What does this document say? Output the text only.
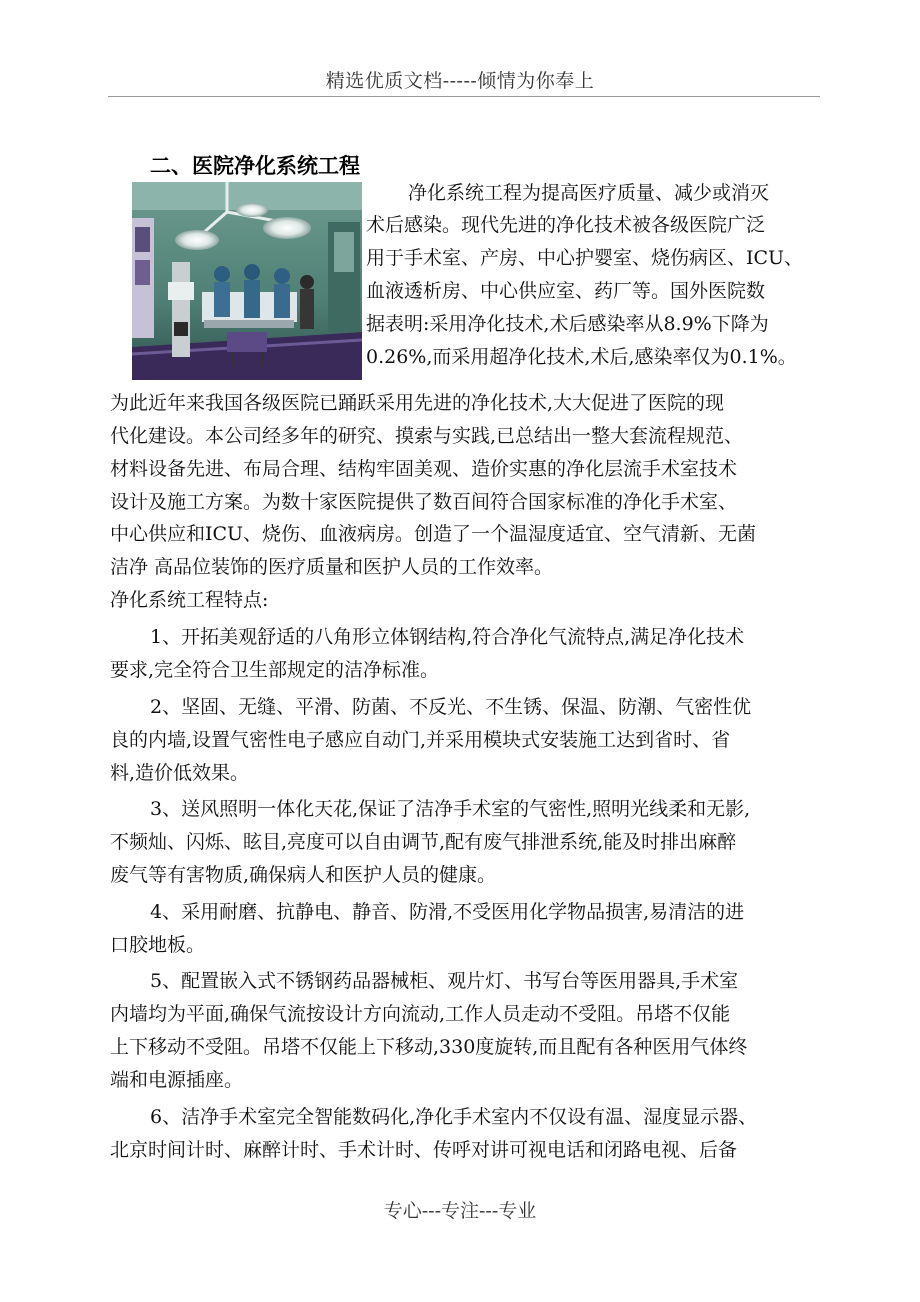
精选优质文档-----倾情为你奉上
二、医院净化系统工程
净化系统工程为提高医疗质量、减少或消灭
术后感染。现代先进的净化技术被各级医院广泛
用于手术室、产房、中心护婴室、烧伤病区、ICU、
血液透析房、中心供应室、药厂等。国外医院数
据表明:采用净化技术,术后感染率从8.9%下降为
0.26%,而采用超净化技术,术后,感染率仅为0.1%。
为此近年来我国各级医院已踊跃采用先进的净化技术,大大促进了医院的现
代化建设。本公司经多年的研究、摸索与实践,已总结出一整大套流程规范、
材料设备先进、布局合理、结构牢固美观、造价实惠的净化层流手术室技术
设计及施工方案。为数十家医院提供了数百间符合国家标准的净化手术室、
中心供应和ICU、烧伤、血液病房。创造了一个温湿度适宜、空气清新、无菌
洁净 高品位装饰的医疗质量和医护人员的工作效率。
净化系统工程特点:
1、开拓美观舒适的八角形立体钢结构,符合净化气流特点,满足净化技术
要求,完全符合卫生部规定的洁净标准。
2、坚固、无缝、平滑、防菌、不反光、不生锈、保温、防潮、气密性优
良的内墙,设置气密性电子感应自动门,并采用模块式安装施工达到省时、省
料,造价低效果。
3、送风照明一体化天花,保证了洁净手术室的气密性,照明光线柔和无影,
不频灿、闪烁、眩目,亮度可以自由调节,配有废气排泄系统,能及时排出麻醉
废气等有害物质,确保病人和医护人员的健康。
4、采用耐磨、抗静电、静音、防滑,不受医用化学物品损害,易清洁的进
口胶地板。
5、配置嵌入式不锈钢药品器械柜、观片灯、书写台等医用器具,手术室
内墙均为平面,确保气流按设计方向流动,工作人员走动不受阻。吊塔不仅能
上下移动不受阻。吊塔不仅能上下移动,330度旋转,而且配有各种医用气体终
端和电源插座。
6、洁净手术室完全智能数码化,净化手术室内不仅设有温、湿度显示器、
北京时间计时、麻醉计时、手术计时、传呼对讲可视电话和闭路电视、后备
专心---专注---专业
